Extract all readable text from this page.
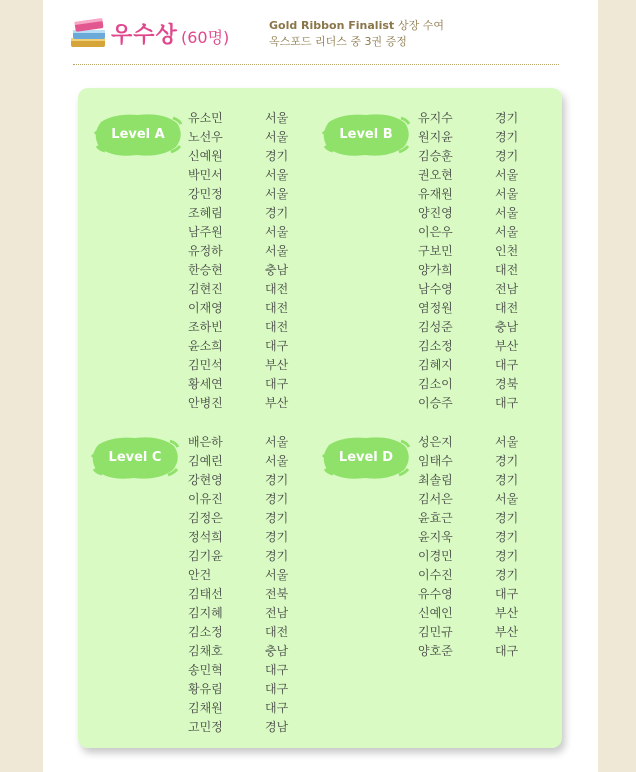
우수상 (60명)
Gold Ribbon Finalist 상장 수여
옥스포드 리더스 중 3권 증정
Level A
유소민	서울
노선우	서울
신예원	경기
박민서	서울
강민정	서울
조혜림	경기
남주원	서울
유정하	서울
한승현	충남
김현진	대전
이재영	대전
조하빈	대전
윤소희	대구
김민석	부산
황세연	대구
안병진	부산
Level B
유지수	경기
원지윤	경기
김승훈	경기
권오현	서울
유재원	서울
양진영	서울
이은우	서울
구보민	인천
양가희	대전
남수영	전남
염정원	대전
김성준	충남
김소정	부산
김혜지	대구
김소이	경북
이승주	대구
Level C
배은하	서울
김예린	서울
강현영	경기
이유진	경기
김정은	경기
정석희	경기
김기윤	경기
안건	서울
김태선	전북
김지혜	전남
김소정	대전
김채호	충남
송민혁	대구
황유림	대구
김채원	대구
고민정	경남
Level D
성은지	서울
임태수	경기
최솔림	경기
김서은	서울
윤효근	경기
윤지욱	경기
이경민	경기
이수진	경기
유수영	대구
신예인	부산
김민규	부산
양호준	대구
